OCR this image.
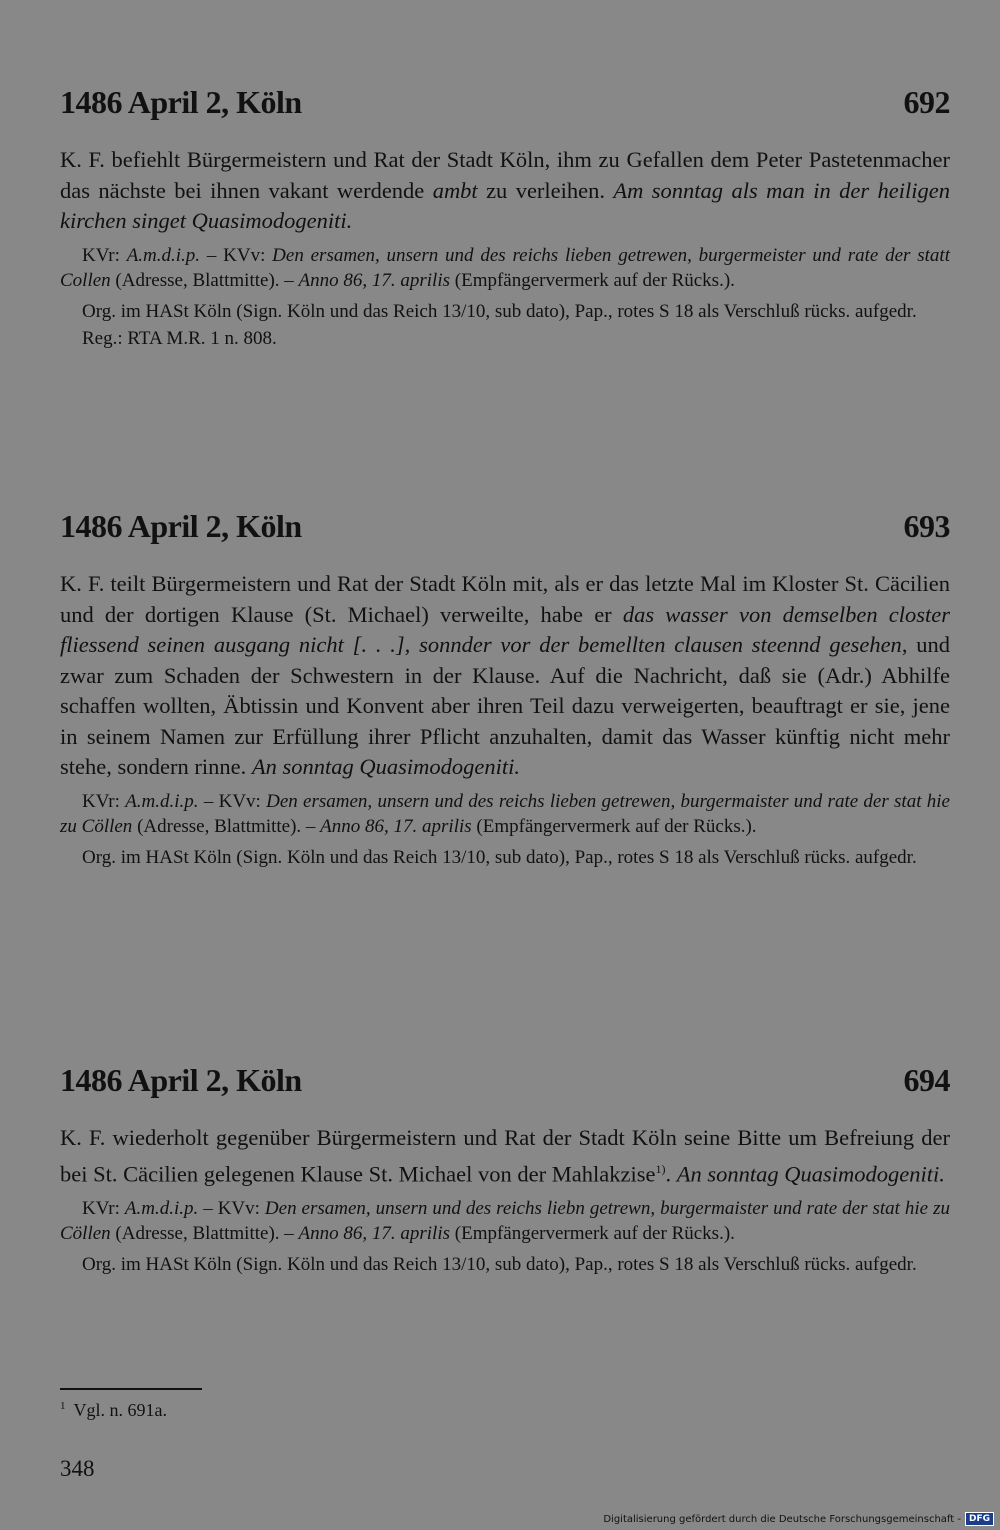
1486 April 2, Köln	692

K. F. befiehlt Bürgermeistern und Rat der Stadt Köln, ihm zu Gefallen dem Peter Pastetenmacher das nächste bei ihnen vakant werdende ambt zu verleihen. Am sonntag als man in der heiligen kirchen singet Quasimodogeniti.

KVr: A.m.d.i.p. – KVv: Den ersamen, unsern und des reichs lieben getrewen, burgermeister und rate der statt Collen (Adresse, Blattmitte). – Anno 86, 17. aprilis (Empfängervermerk auf der Rücks.).

Org. im HASt Köln (Sign. Köln und das Reich 13/10, sub dato), Pap., rotes S 18 als Verschluß rücks. aufgedr.

Reg.: RTA M.R. 1 n. 808.

1486 April 2, Köln	693

K. F. teilt Bürgermeistern und Rat der Stadt Köln mit, als er das letzte Mal im Kloster St. Cäcilien und der dortigen Klause (St. Michael) verweilte, habe er das wasser von demselben closter fliessend seinen ausgang nicht [. . .], sonnder vor der bemellten clausen steennd gesehen, und zwar zum Schaden der Schwestern in der Klause. Auf die Nachricht, daß sie (Adr.) Abhilfe schaffen wollten, Äbtissin und Konvent aber ihren Teil dazu verweigerten, beauftragt er sie, jene in seinem Namen zur Erfüllung ihrer Pflicht anzuhalten, damit das Wasser künftig nicht mehr stehe, sondern rinne. An sonntag Quasimodogeniti.

KVr: A.m.d.i.p. – KVv: Den ersamen, unsern und des reichs lieben getrewen, burgermaister und rate der stat hie zu Cöllen (Adresse, Blattmitte). – Anno 86, 17. aprilis (Empfängervermerk auf der Rücks.).

Org. im HASt Köln (Sign. Köln und das Reich 13/10, sub dato), Pap., rotes S 18 als Verschluß rücks. aufgedr.

1486 April 2, Köln	694

K. F. wiederholt gegenüber Bürgermeistern und Rat der Stadt Köln seine Bitte um Befreiung der bei St. Cäcilien gelegenen Klause St. Michael von der Mahlakzise$^{1)}$. An sonntag Quasimodogeniti.

KVr: A.m.d.i.p. – KVv: Den ersamen, unsern und des reichs liebn getrewn, burgermaister und rate der stat hie zu Cöllen (Adresse, Blattmitte). – Anno 86, 17. aprilis (Empfängervermerk auf der Rücks.).

Org. im HASt Köln (Sign. Köln und das Reich 13/10, sub dato), Pap., rotes S 18 als Verschluß rücks. aufgedr.

$^1$ Vgl. n. 691a.
348
Digitalisierung gefördert durch die Deutsche Forschungsgemeinschaft - DFG
